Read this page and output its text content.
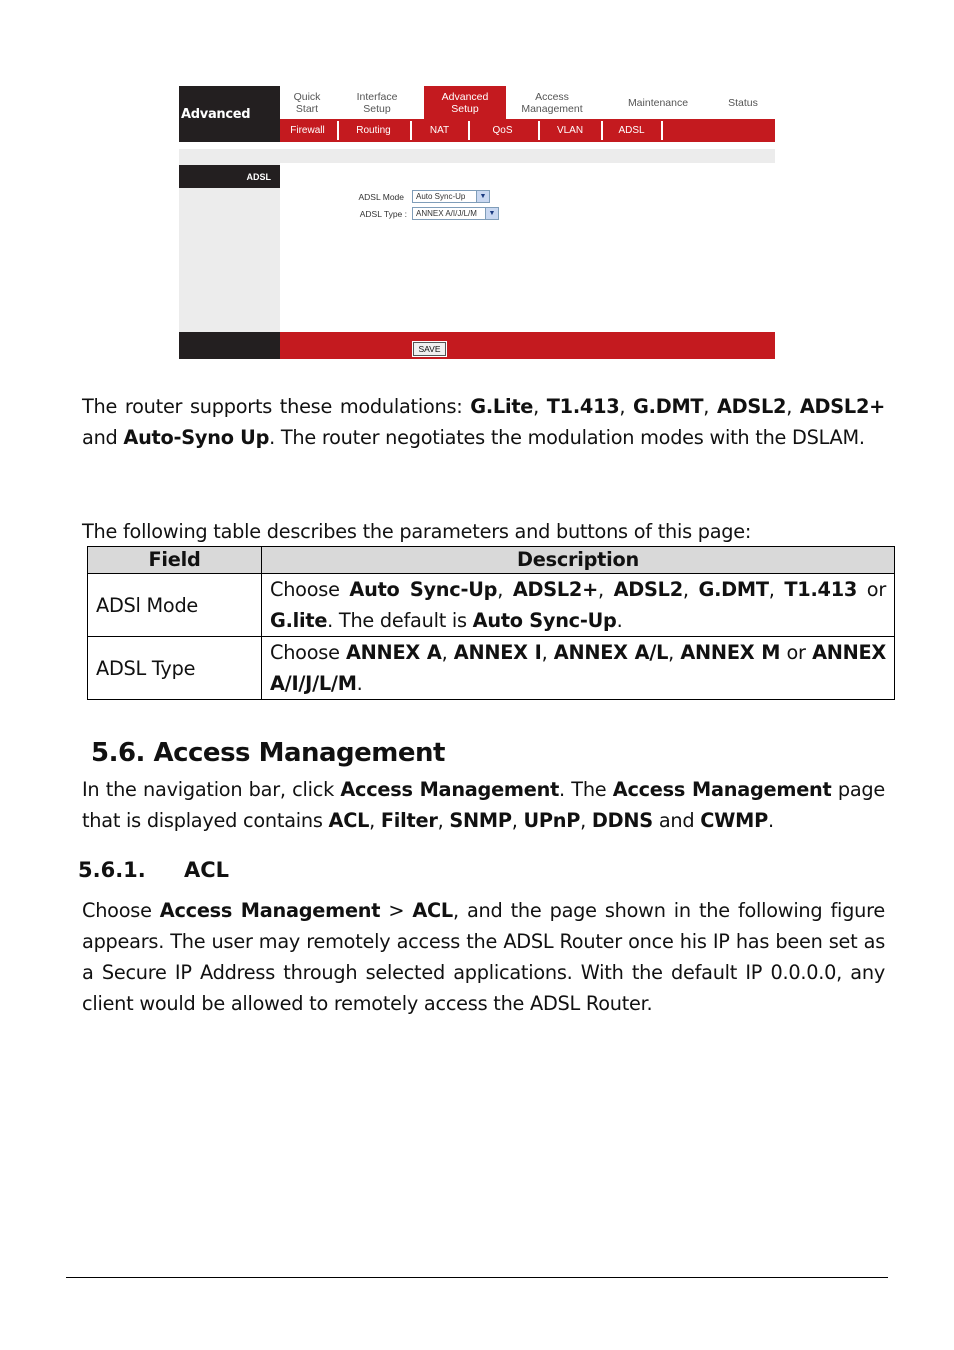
Advanced
Quick
Start
Interface
Setup
Advanced
Setup
Access
Management	Maintenance	Status
Firewall	Routing	NAT	QoS	VLAN	ADSL
ADSL
ADSL Mode	Auto Sync-Up	▼
ADSL Type :	ANNEX A/I/J/L/M	▼
SAVE
The router supports these modulations: G.Lite, T1.413, G.DMT, ADSL2, ADSL2+ and Auto-Syno Up. The router negotiates the modulation modes with the DSLAM.
The following table describes the parameters and buttons of this page:
Field	Description
ADSl Mode	Choose Auto Sync-Up, ADSL2+, ADSL2, G.DMT, T1.413 or G.lite. The default is Auto Sync-Up.
ADSL Type	Choose ANNEX A, ANNEX I, ANNEX A/L, ANNEX M or ANNEX A/I/J/L/M.
5.6. Access Management
In the navigation bar, click Access Management. The Access Management page that is displayed contains ACL, Filter, SNMP, UPnP, DDNS and CWMP.
5.6.1. ACL
Choose Access Management > ACL, and the page shown in the following figure appears. The user may remotely access the ADSL Router once his IP has been set as a Secure IP Address through selected applications. With the default IP 0.0.0.0, any client would be allowed to remotely access the ADSL Router.
